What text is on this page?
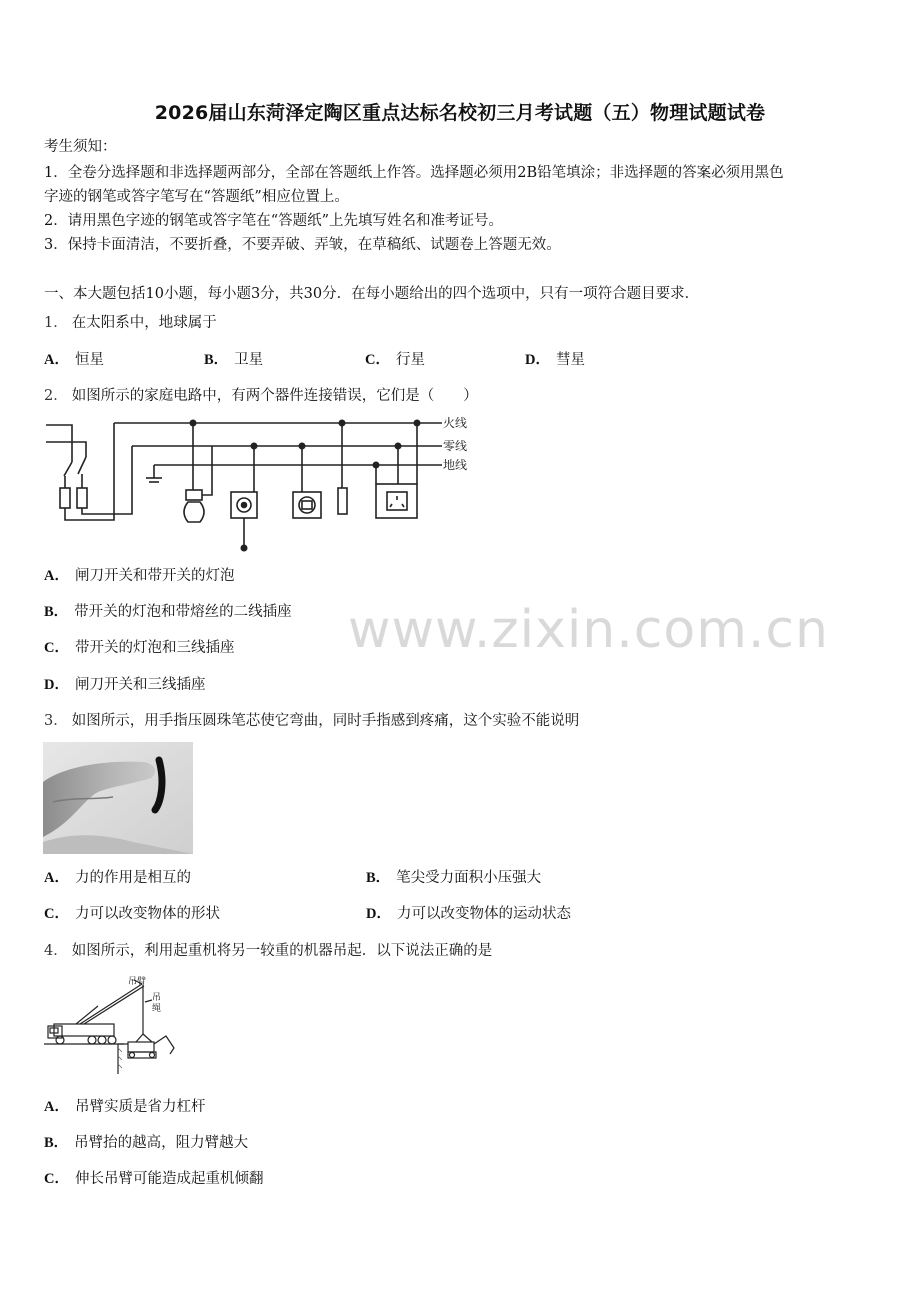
2026届山东菏泽定陶区重点达标名校初三月考试题（五）物理试题试卷
考生须知：
1．全卷分选择题和非选择题两部分，全部在答题纸上作答。选择题必须用2B铅笔填涂；非选择题的答案必须用黑色
字迹的钢笔或答字笔写在“答题纸”相应位置上。
2．请用黑色字迹的钢笔或答字笔在“答题纸”上先填写姓名和准考证号。
3．保持卡面清洁，不要折叠，不要弄破、弄皱，在草稿纸、试题卷上答题无效。
一、本大题包括10小题，每小题3分，共30分．在每小题给出的四个选项中，只有一项符合题目要求．
1． 在太阳系中，地球属于
A． 恒星	B． 卫星	C． 行星	D． 彗星
2． 如图所示的家庭电路中，有两个器件连接错误，它们是（　　）
火线
零线
地线
A． 闸刀开关和带开关的灯泡
B． 带开关的灯泡和带熔丝的二线插座
C． 带开关的灯泡和三线插座
D． 闸刀开关和三线插座
3． 如图所示，用手指压圆珠笔芯使它弯曲，同时手指感到疼痛，这个实验不能说明
A． 力的作用是相互的	B． 笔尖受力面积小压强大
C． 力可以改变物体的形状	D． 力可以改变物体的运动状态
4． 如图所示，利用起重机将另一较重的机器吊起．以下说法正确的是
吊臂
吊
绳
A． 吊臂实质是省力杠杆
B． 吊臂抬的越高，阻力臂越大
C． 伸长吊臂可能造成起重机倾翻
www.zixin.com.cn
